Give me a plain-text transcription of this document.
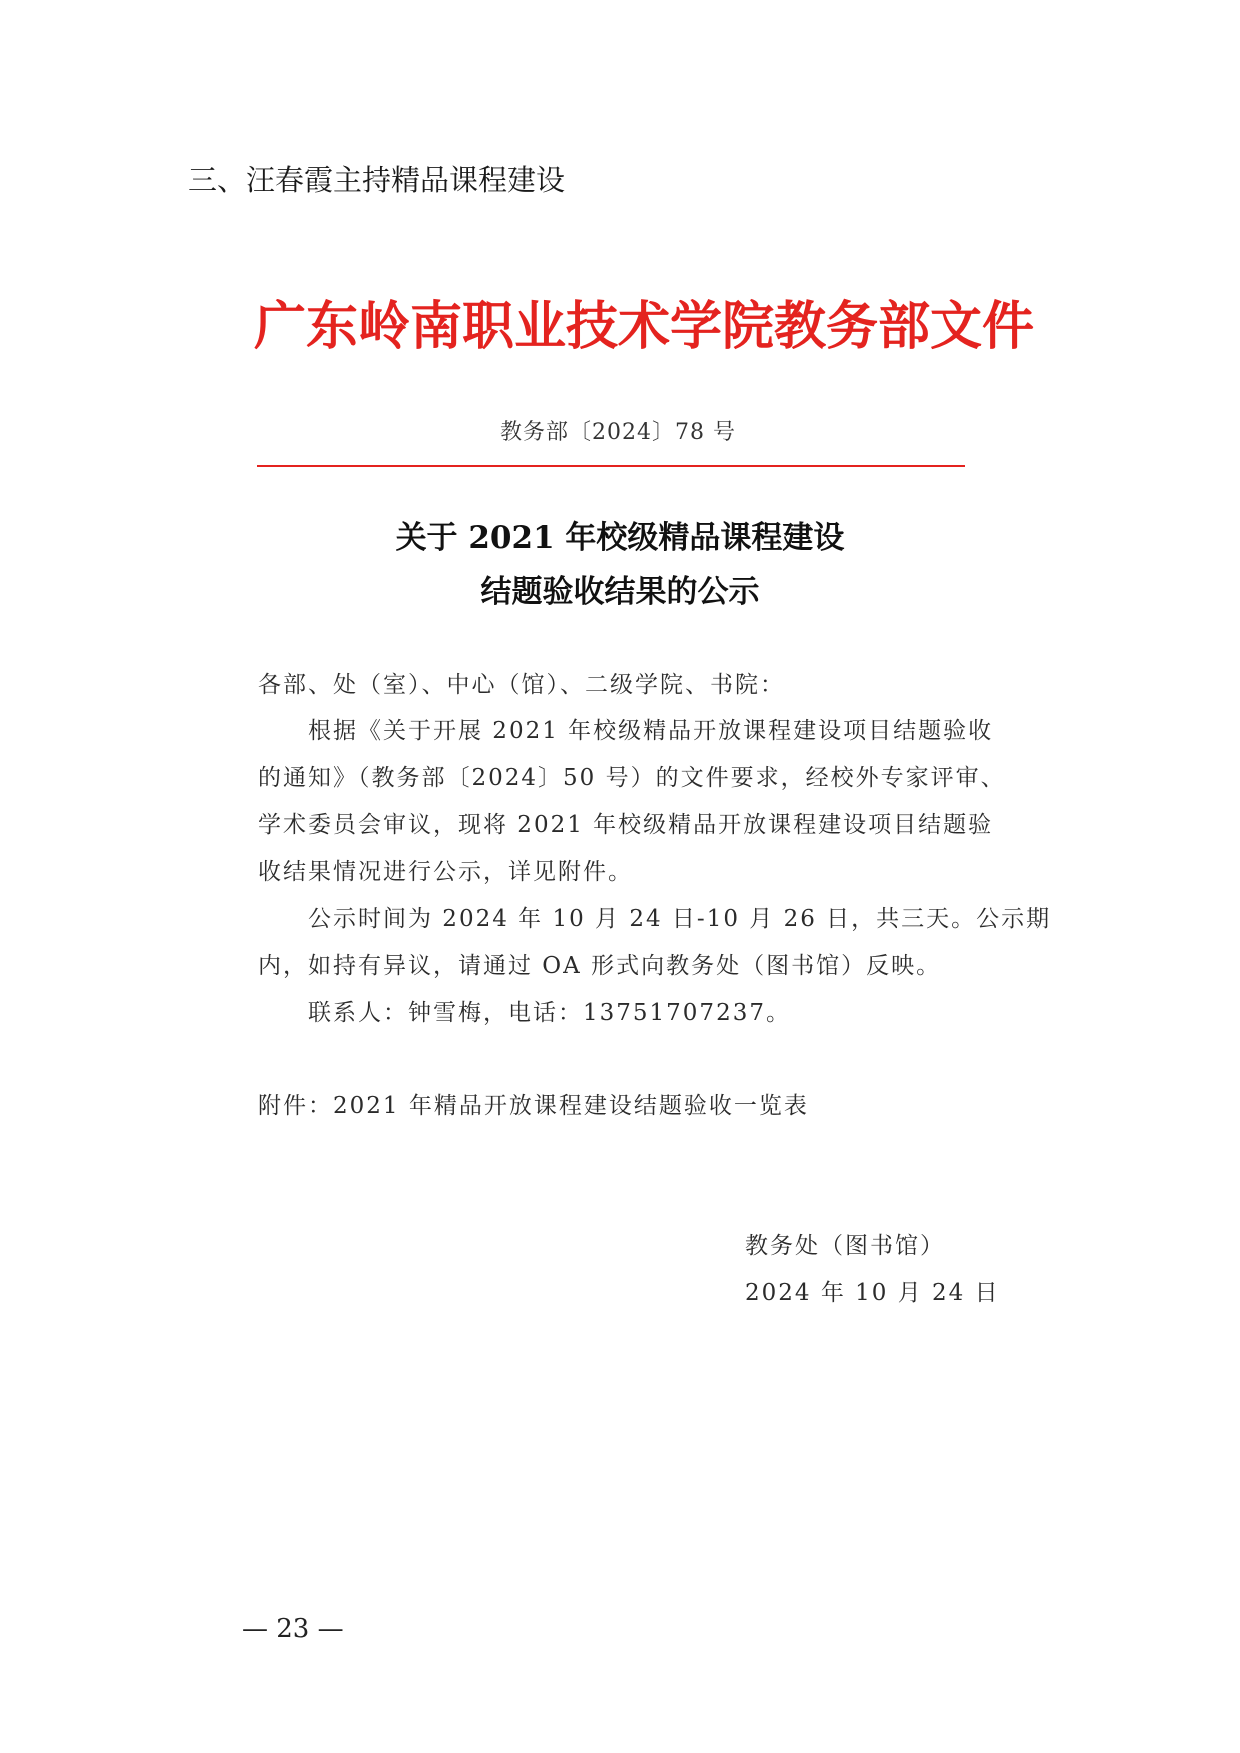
三、汪春霞主持精品课程建设
广东岭南职业技术学院教务部文件
教务部〔2024〕78 号
关于 2021 年校级精品课程建设
结题验收结果的公示
各部、处（室）、中心（馆）、二级学院、书院：
根据《关于开展 2021 年校级精品开放课程建设项目结题验收
的通知》（教务部〔2024〕50 号）的文件要求，经校外专家评审、
学术委员会审议，现将 2021 年校级精品开放课程建设项目结题验
收结果情况进行公示，详见附件。
公示时间为 2024 年 10 月 24 日-10 月 26 日，共三天。公示期
内，如持有异议，请通过 OA 形式向教务处（图书馆）反映。
联系人：钟雪梅，电话：13751707237。
附件：2021 年精品开放课程建设结题验收一览表
教务处（图书馆）
2024 年 10 月 24 日
— 23 —
